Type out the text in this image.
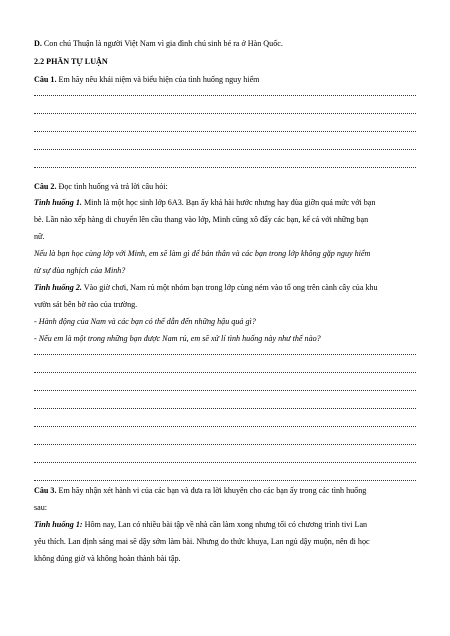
D. Con chú Thuận là người Việt Nam vì gia đình chú sinh bé ra ở Hàn Quốc.
2.2 PHẦN TỰ LUẬN
Câu 1. Em hãy nêu khái niệm và biểu hiện của tình huống nguy hiểm
Câu 2. Đọc tình huống và trả lời câu hỏi:
Tình huống 1. Minh là một học sinh lớp 6A3. Bạn ấy khá hài hước nhưng hay đùa giỡn quá mức với bạn
bè. Lần nào xếp hàng di chuyển lên cầu thang vào lớp, Minh cũng xô đẩy các bạn, kể cả với những bạn
nữ.
Nếu là bạn học cùng lớp với Minh, em sẽ làm gì để bản thân và các bạn trong lớp không gặp nguy hiểm
từ sự đùa nghịch của Minh?
Tình huống 2. Vào giờ chơi, Nam rủ một nhóm bạn trong lớp cùng ném vào tổ ong trên cành cây của khu
vườn sát bên bờ rào của trường.
- Hành động của Nam và các bạn có thể dẫn đến những hậu quả gì?
- Nếu em là một trong những bạn được Nam rủ, em sẽ xử lí tình huống này như thế nào?
Câu 3. Em hãy nhận xét hành vi của các bạn và đưa ra lời khuyên cho các bạn ấy trong các tình huống
sau:
Tình huống 1: Hôm nay, Lan có nhiều bài tập về nhà cần làm xong nhưng tối có chương trình tivi Lan
yêu thích. Lan định sáng mai sẽ dậy sớm làm bài. Nhưng do thức khuya, Lan ngủ dậy muộn, nên đi học
không đúng giờ và không hoàn thành bài tập.
